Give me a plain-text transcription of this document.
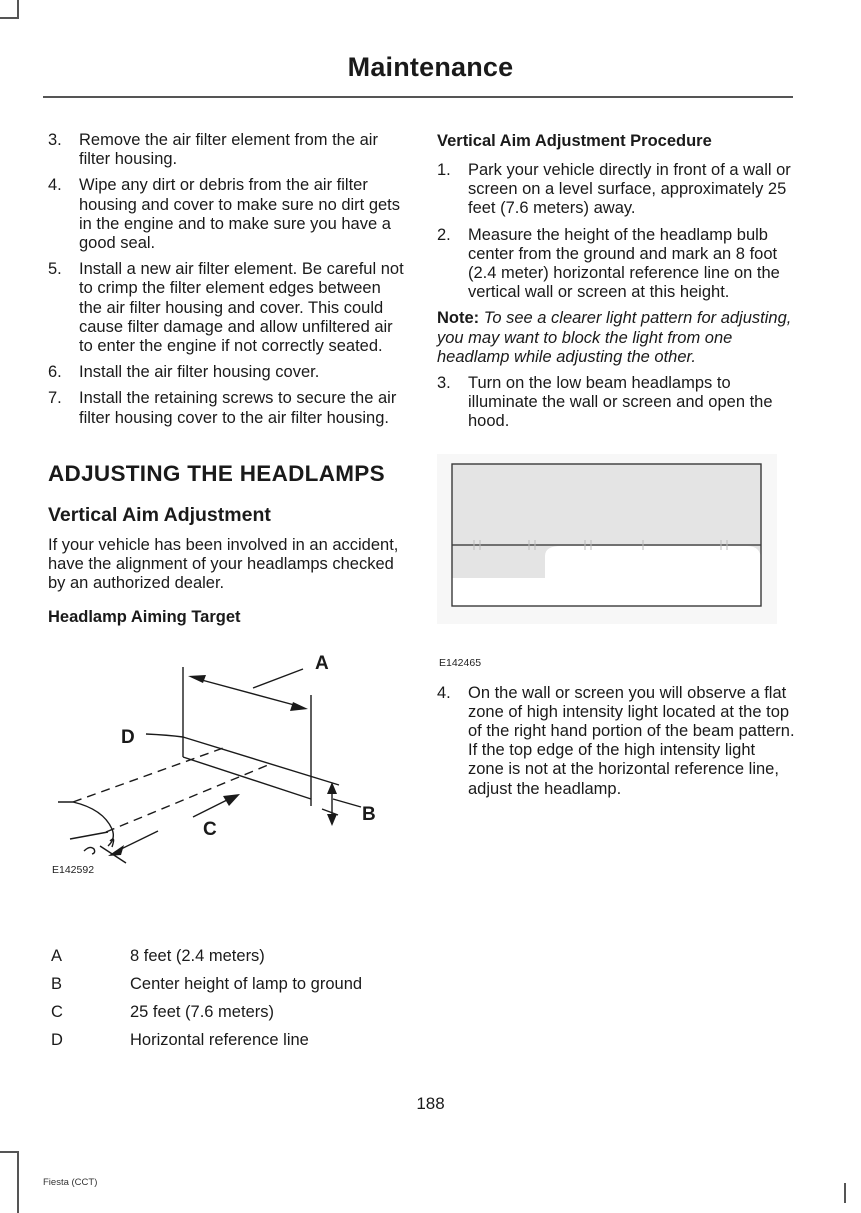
Maintenance
3. Remove the air filter element from the air filter housing.
4. Wipe any dirt or debris from the air filter housing and cover to make sure no dirt gets in the engine and to make sure you have a good seal.
5. Install a new air filter element. Be careful not to crimp the filter element edges between the air filter housing and cover. This could cause filter damage and allow unfiltered air to enter the engine if not correctly seated.
6. Install the air filter housing cover.
7. Install the retaining screws to secure the air filter housing cover to the air filter housing.
ADJUSTING THE HEADLAMPS
Vertical Aim Adjustment

If your vehicle has been involved in an accident, have the alignment of your headlamps checked by an authorized dealer.

Headlamp Aiming Target
A
D
B
C
E142592
A	8 feet (2.4 meters)
B	Center height of lamp to ground
C	25 feet (7.6 meters)
D	Horizontal reference line
Vertical Aim Adjustment Procedure
1. Park your vehicle directly in front of a wall or screen on a level surface, approximately 25 feet (7.6 meters) away.
2. Measure the height of the headlamp bulb center from the ground and mark an 8 foot (2.4 meter) horizontal reference line on the vertical wall or screen at this height.

Note: To see a clearer light pattern for adjusting, you may want to block the light from one headlamp while adjusting the other.

3. Turn on the low beam headlamps to illuminate the wall or screen and open the hood.
E142465
4. On the wall or screen you will observe a flat zone of high intensity light located at the top of the right hand portion of the beam pattern. If the top edge of the high intensity light zone is not at the horizontal reference line, adjust the headlamp.
188
Fiesta (CCT)
